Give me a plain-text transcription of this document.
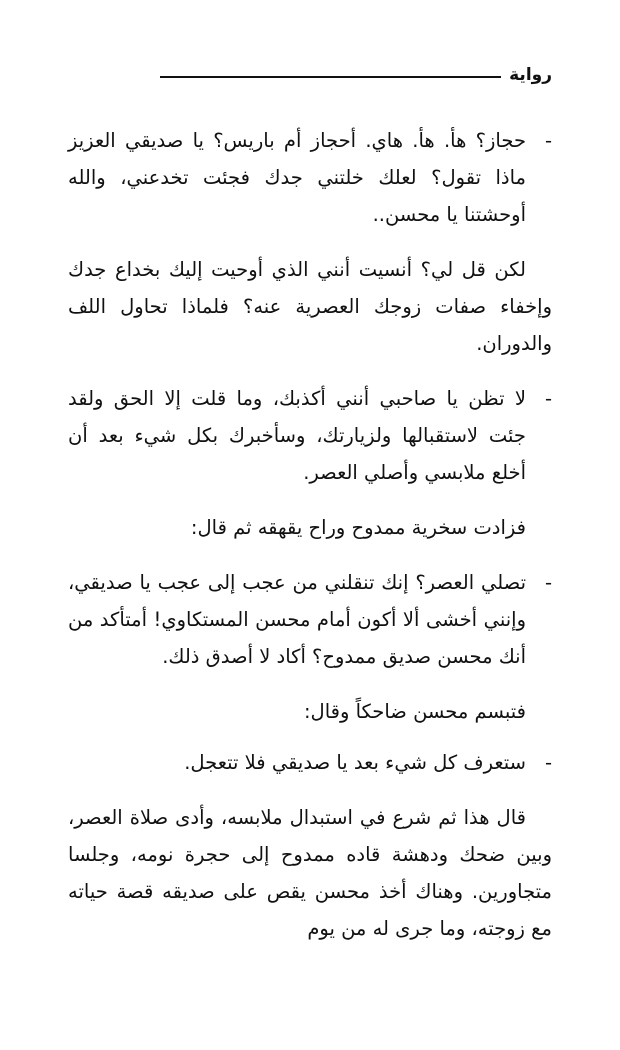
رواية

-
حجاز؟ هأ. هأ. هاي. أحجاز أم باريس؟ يا صديقي العزيز ماذا تقول؟ لعلك خلتني جدك فجئت تخدعني، والله أوحشتنا يا محسن..

لكن قل لي؟ أنسيت أنني الذي أوحيت إليك بخداع جدك وإخفاء صفات زوجك العصرية عنه؟ فلماذا تحاول اللف والدوران.

-
لا تظن يا صاحبي أنني أكذبك، وما قلت إلا الحق ولقد جئت لاستقبالها ولزيارتك، وسأخبرك بكل شيء بعد أن أخلع ملابسي وأصلي العصر.

فزادت سخرية ممدوح وراح يقهقه ثم قال:

-
تصلي العصر؟ إنك تنقلني من عجب إلى عجب يا صديقي، وإنني أخشى ألا أكون أمام محسن المستكاوي! أمتأكد من أنك محسن صديق ممدوح؟ أكاد لا أصدق ذلك.

فتبسم محسن ضاحكاً وقال:

-
ستعرف كل شيء بعد يا صديقي فلا تتعجل.

قال هذا ثم شرع في استبدال ملابسه، وأدى صلاة العصر، وبين ضحك ودهشة قاده ممدوح إلى حجرة نومه، وجلسا متجاورين. وهناك أخذ محسن يقص على صديقه قصة حياته مع زوجته، وما جرى له من يوم
